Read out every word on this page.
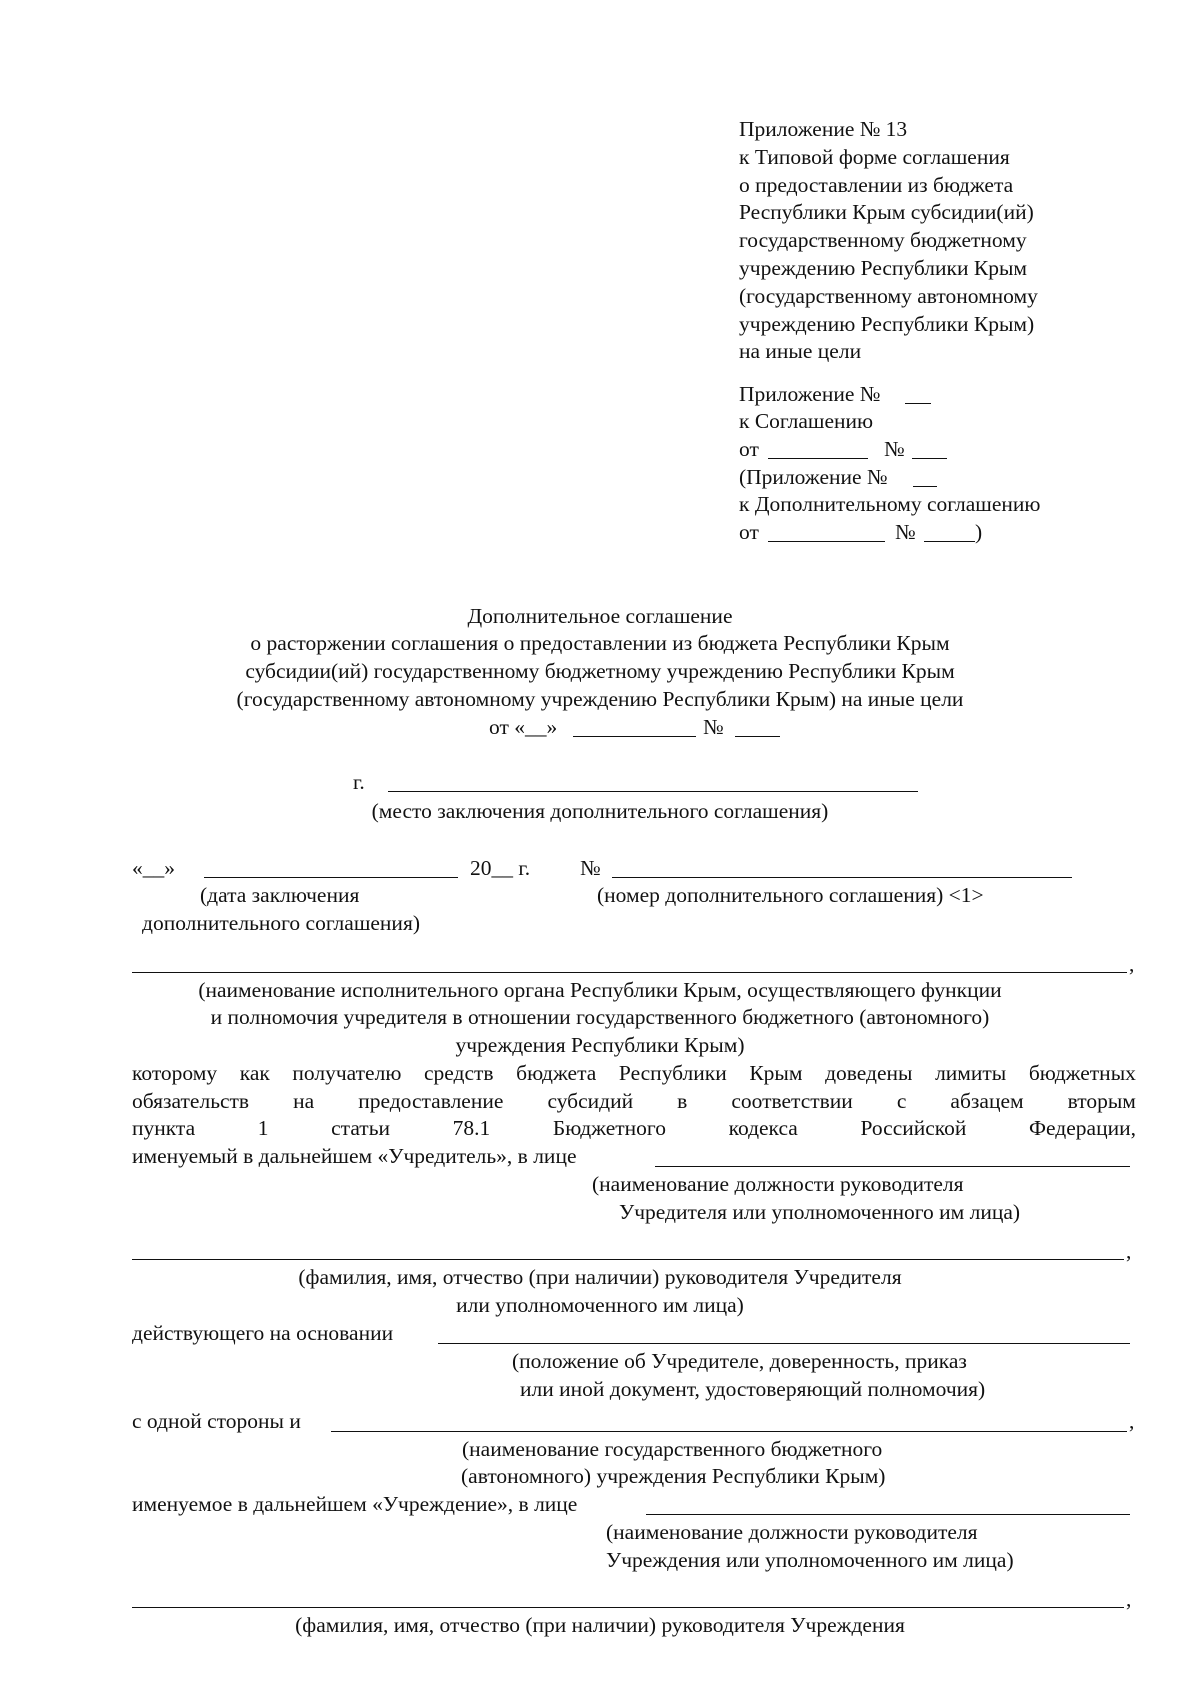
Приложение № 13
к Типовой форме соглашения
о предоставлении из бюджета
Республики Крым субсидии(ий)
государственному бюджетному
учреждению Республики Крым
(государственному автономному
учреждению Республики Крым)
на иные цели
Приложение №
к Соглашению
от	№
(Приложение №
к Дополнительному соглашению
от	№	)
Дополнительное соглашение
о расторжении соглашения о предоставлении из бюджета Республики Крым
субсидии(ий) государственному бюджетному учреждению Республики Крым
(государственному автономному учреждению Республики Крым) на иные цели
от «__»	№
г.
(место заключения дополнительного соглашения)
«__»	20__ г. №
(дата заключения
дополнительного соглашения)
(номер дополнительного соглашения) <1>
,
(наименование исполнительного органа Республики Крым, осуществляющего функции
и полномочия учредителя в отношении государственного бюджетного (автономного)
учреждения Республики Крым)
которому как получателю средств бюджета Республики Крым доведены лимиты бюджетных
обязательств на предоставление субсидий в соответствии с абзацем вторым
пункта	1	статьи	78.1	Бюджетного	кодекса	Российской	Федерации,
именуемый в дальнейшем «Учредитель», в лице
(наименование должности руководителя
Учредителя или уполномоченного им лица)
,
(фамилия, имя, отчество (при наличии) руководителя Учредителя
или уполномоченного им лица)
действующего на основании
(положение об Учредителе, доверенность, приказ
или иной документ, удостоверяющий полномочия)
с одной стороны и	,
(наименование государственного бюджетного
(автономного) учреждения Республики Крым)
именуемое в дальнейшем «Учреждение», в лице
(наименование должности руководителя
Учреждения или уполномоченного им лица)
,
(фамилия, имя, отчество (при наличии) руководителя Учреждения
